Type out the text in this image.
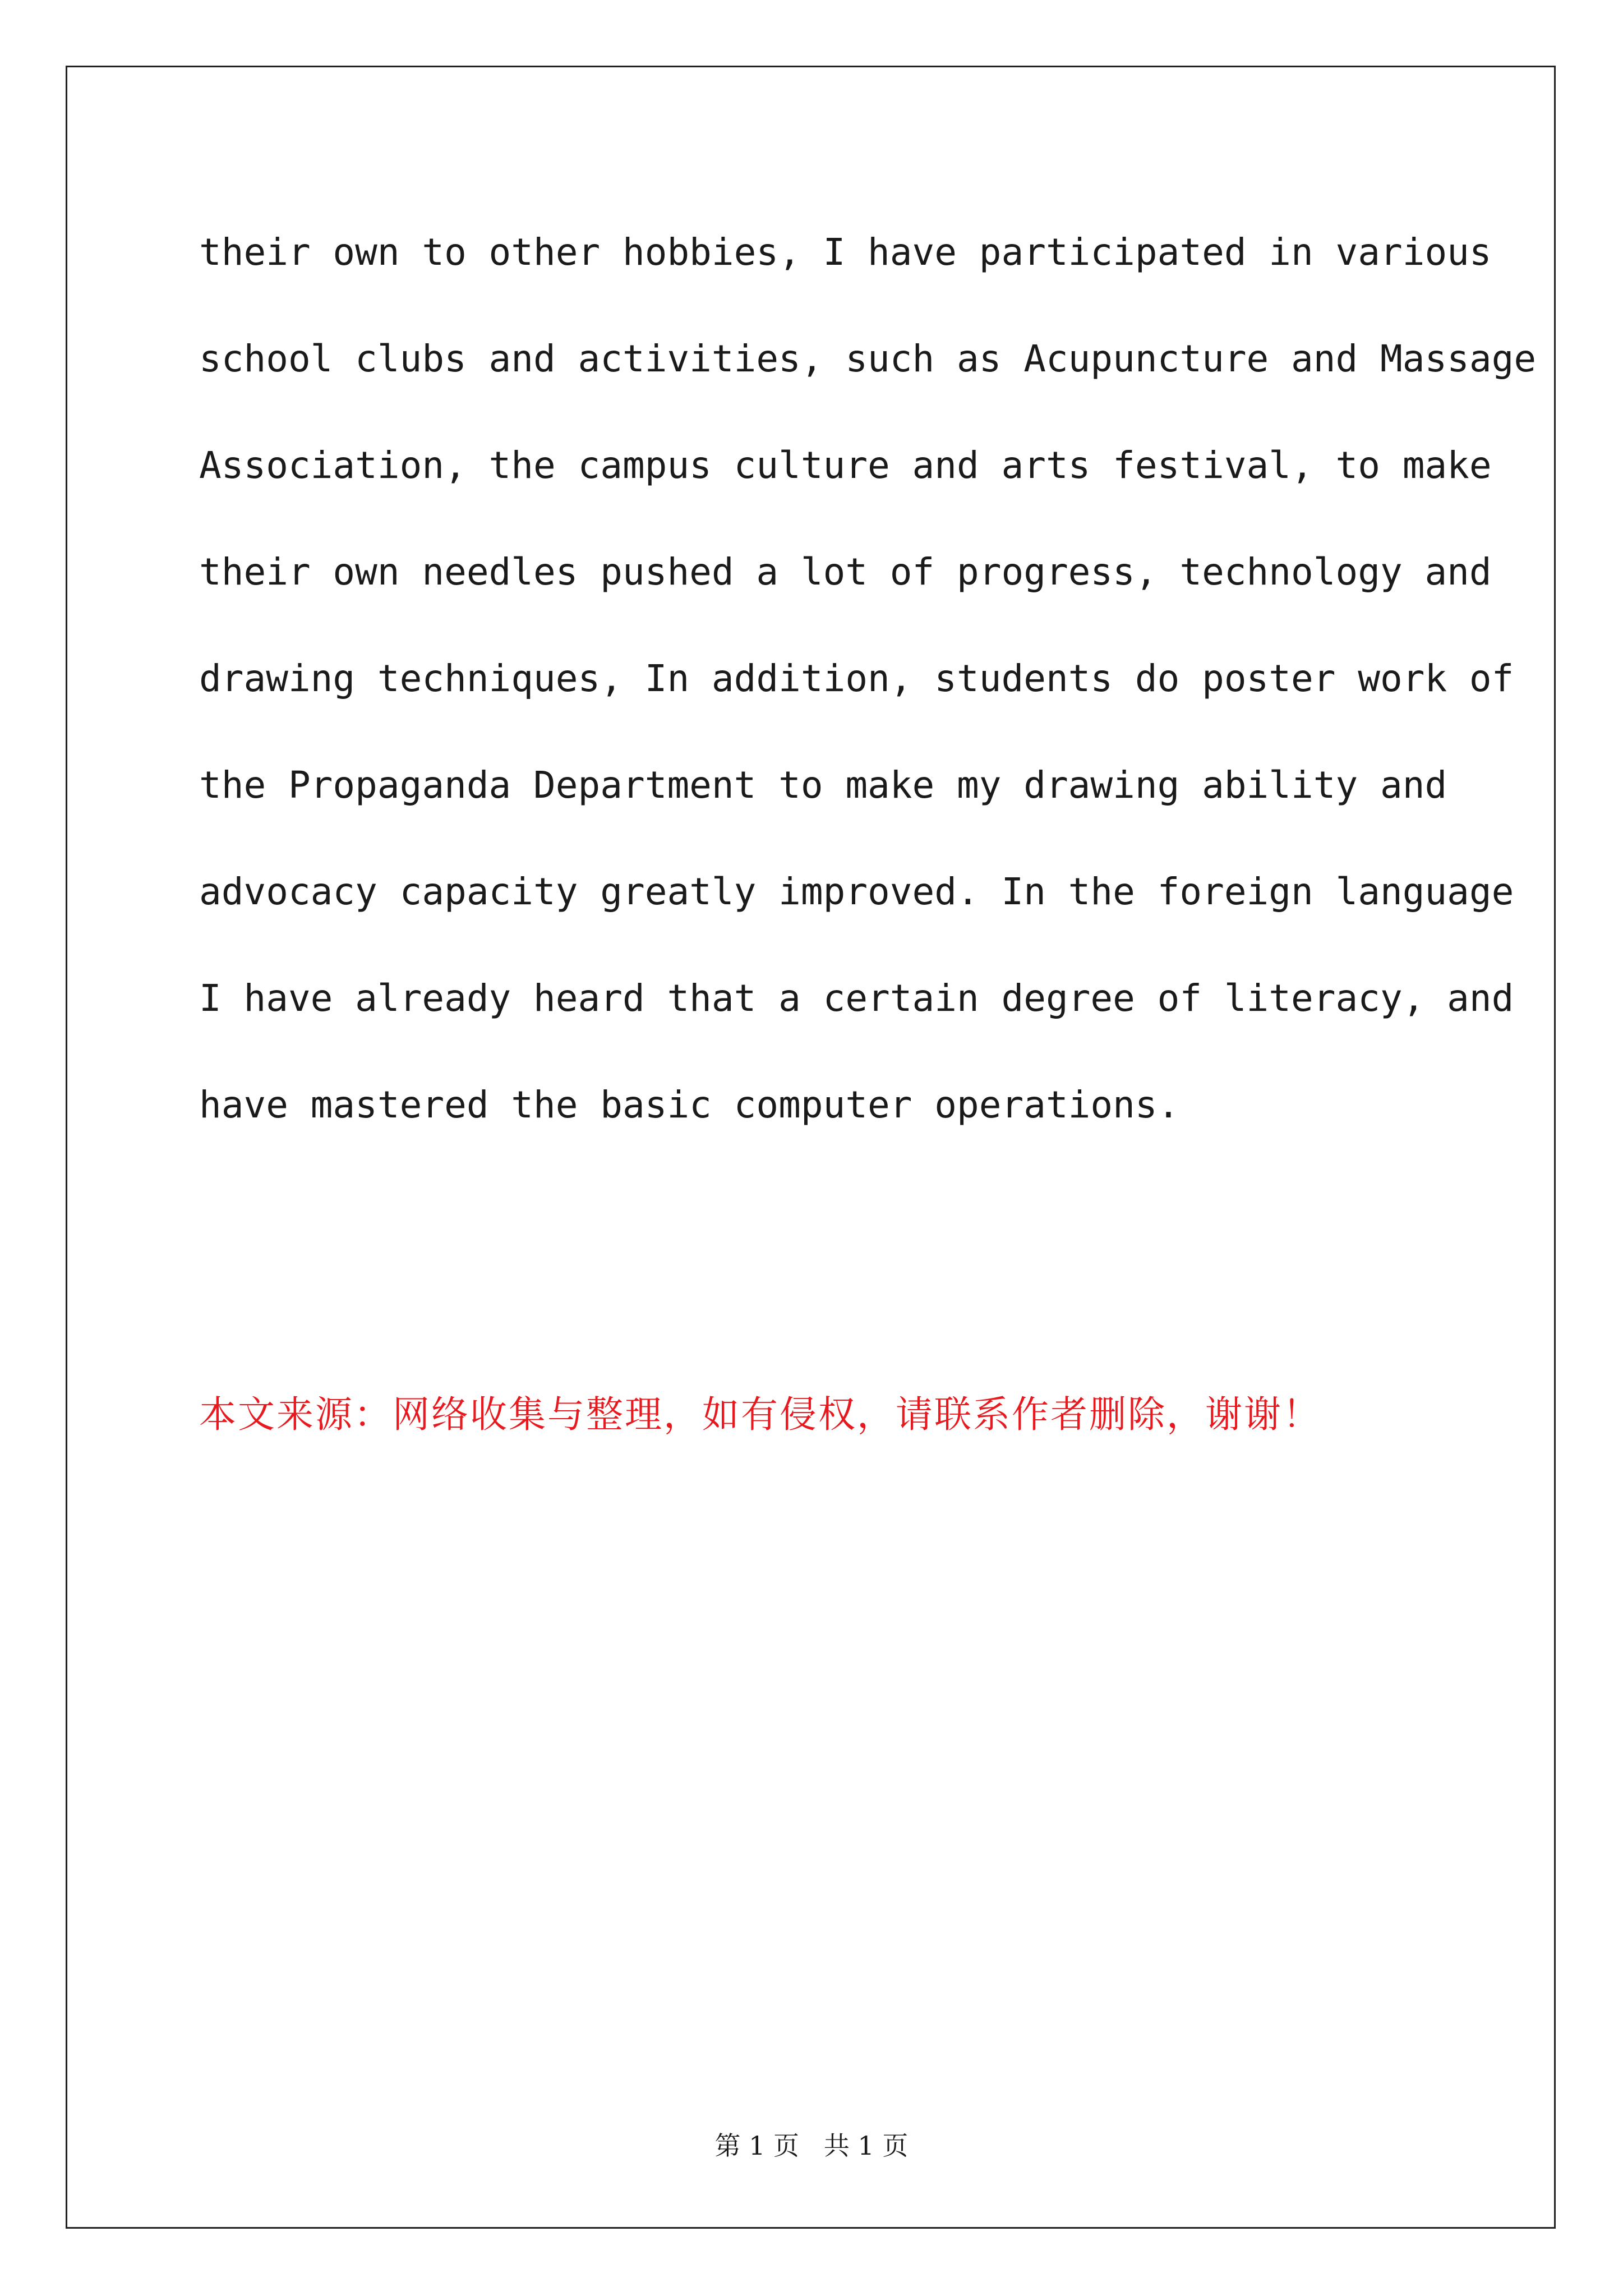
their own to other hobbies, I have participated in various

school clubs and activities, such as Acupuncture and Massage

Association, the campus culture and arts festival, to make

their own needles pushed a lot of progress, technology and

drawing techniques, In addition, students do poster work of

the Propaganda Department to make my drawing ability and

advocacy capacity greatly improved. In the foreign language

I have already heard that a certain degree of literacy, and

have mastered the basic computer operations.

本文来源：网络收集与整理，如有侵权，请联系作者删除，谢谢！

第 1 页   共 1 页
